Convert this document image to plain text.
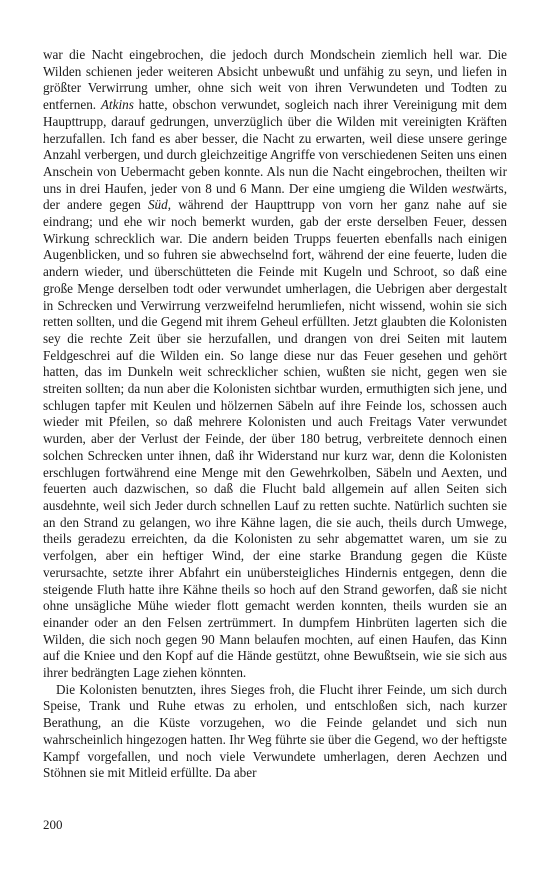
war die Nacht eingebrochen, die jedoch durch Mondschein ziemlich hell war. Die Wilden schienen jeder weiteren Absicht unbewußt und unfähig zu seyn, und liefen in größter Verwirrung umher, ohne sich weit von ihren Verwundeten und Todten zu entfernen. Atkins hatte, obschon verwundet, sogleich nach ihrer Vereinigung mit dem Haupttrupp, darauf gedrungen, unverzüglich über die Wilden mit vereinigten Kräften herzufallen. Ich fand es aber besser, die Nacht zu erwarten, weil diese unsere geringe Anzahl verbergen, und durch gleichzeitige Angriffe von verschiedenen Seiten uns einen Anschein von Uebermacht geben konnte. Als nun die Nacht eingebrochen, theilten wir uns in drei Haufen, jeder von 8 und 6 Mann. Der eine umgieng die Wilden westwärts, der andere gegen Süd, während der Haupttrupp von vorn her ganz nahe auf sie eindrang; und ehe wir noch bemerkt wurden, gab der erste derselben Feuer, dessen Wirkung schrecklich war. Die andern beiden Trupps feuerten ebenfalls nach einigen Augenblicken, und so fuhren sie abwechselnd fort, während der eine feuerte, luden die andern wieder, und überschütteten die Feinde mit Kugeln und Schroot, so daß eine große Menge derselben todt oder verwundet umherlagen, die Uebrigen aber dergestalt in Schrecken und Verwirrung verzweifelnd herumliefen, nicht wissend, wohin sie sich retten sollten, und die Gegend mit ihrem Geheul erfüllten. Jetzt glaubten die Kolonisten sey die rechte Zeit über sie herzufallen, und drangen von drei Seiten mit lautem Feldgeschrei auf die Wilden ein. So lange diese nur das Feuer gesehen und gehört hatten, das im Dunkeln weit schrecklicher schien, wußten sie nicht, gegen wen sie streiten sollten; da nun aber die Kolonisten sichtbar wurden, ermuthigten sich jene, und schlugen tapfer mit Keulen und hölzernen Säbeln auf ihre Feinde los, schossen auch wieder mit Pfeilen, so daß mehrere Kolonisten und auch Freitags Vater verwundet wurden, aber der Verlust der Feinde, der über 180 betrug, verbreitete dennoch einen solchen Schrecken unter ihnen, daß ihr Widerstand nur kurz war, denn die Kolonisten erschlugen fortwährend eine Menge mit den Gewehrkolben, Säbeln und Aexten, und feuerten auch dazwischen, so daß die Flucht bald allgemein auf allen Seiten sich ausdehnte, weil sich Jeder durch schnellen Lauf zu retten suchte. Natürlich suchten sie an den Strand zu gelangen, wo ihre Kähne lagen, die sie auch, theils durch Umwege, theils geradezu erreichten, da die Kolonisten zu sehr abgemattet waren, um sie zu verfolgen, aber ein heftiger Wind, der eine starke Brandung gegen die Küste verursachte, setzte ihrer Abfahrt ein unübersteigliches Hindernis entgegen, denn die steigende Fluth hatte ihre Kähne theils so hoch auf den Strand geworfen, daß sie nicht ohne unsägliche Mühe wieder flott gemacht werden konnten, theils wurden sie an einander oder an den Felsen zertrümmert. In dumpfem Hinbrüten lagerten sich die Wilden, die sich noch gegen 90 Mann belaufen mochten, auf einen Haufen, das Kinn auf die Kniee und den Kopf auf die Hände gestützt, ohne Bewußtsein, wie sie sich aus ihrer bedrängten Lage ziehen könnten.

Die Kolonisten benutzten, ihres Sieges froh, die Flucht ihrer Feinde, um sich durch Speise, Trank und Ruhe etwas zu erholen, und entschloßen sich, nach kurzer Berathung, an die Küste vorzugehen, wo die Feinde gelandet und sich nun wahrscheinlich hingezogen hatten. Ihr Weg führte sie über die Gegend, wo der heftigste Kampf vorgefallen, und noch viele Verwundete umherlagen, deren Aechzen und Stöhnen sie mit Mitleid erfüllte. Da aber

200
